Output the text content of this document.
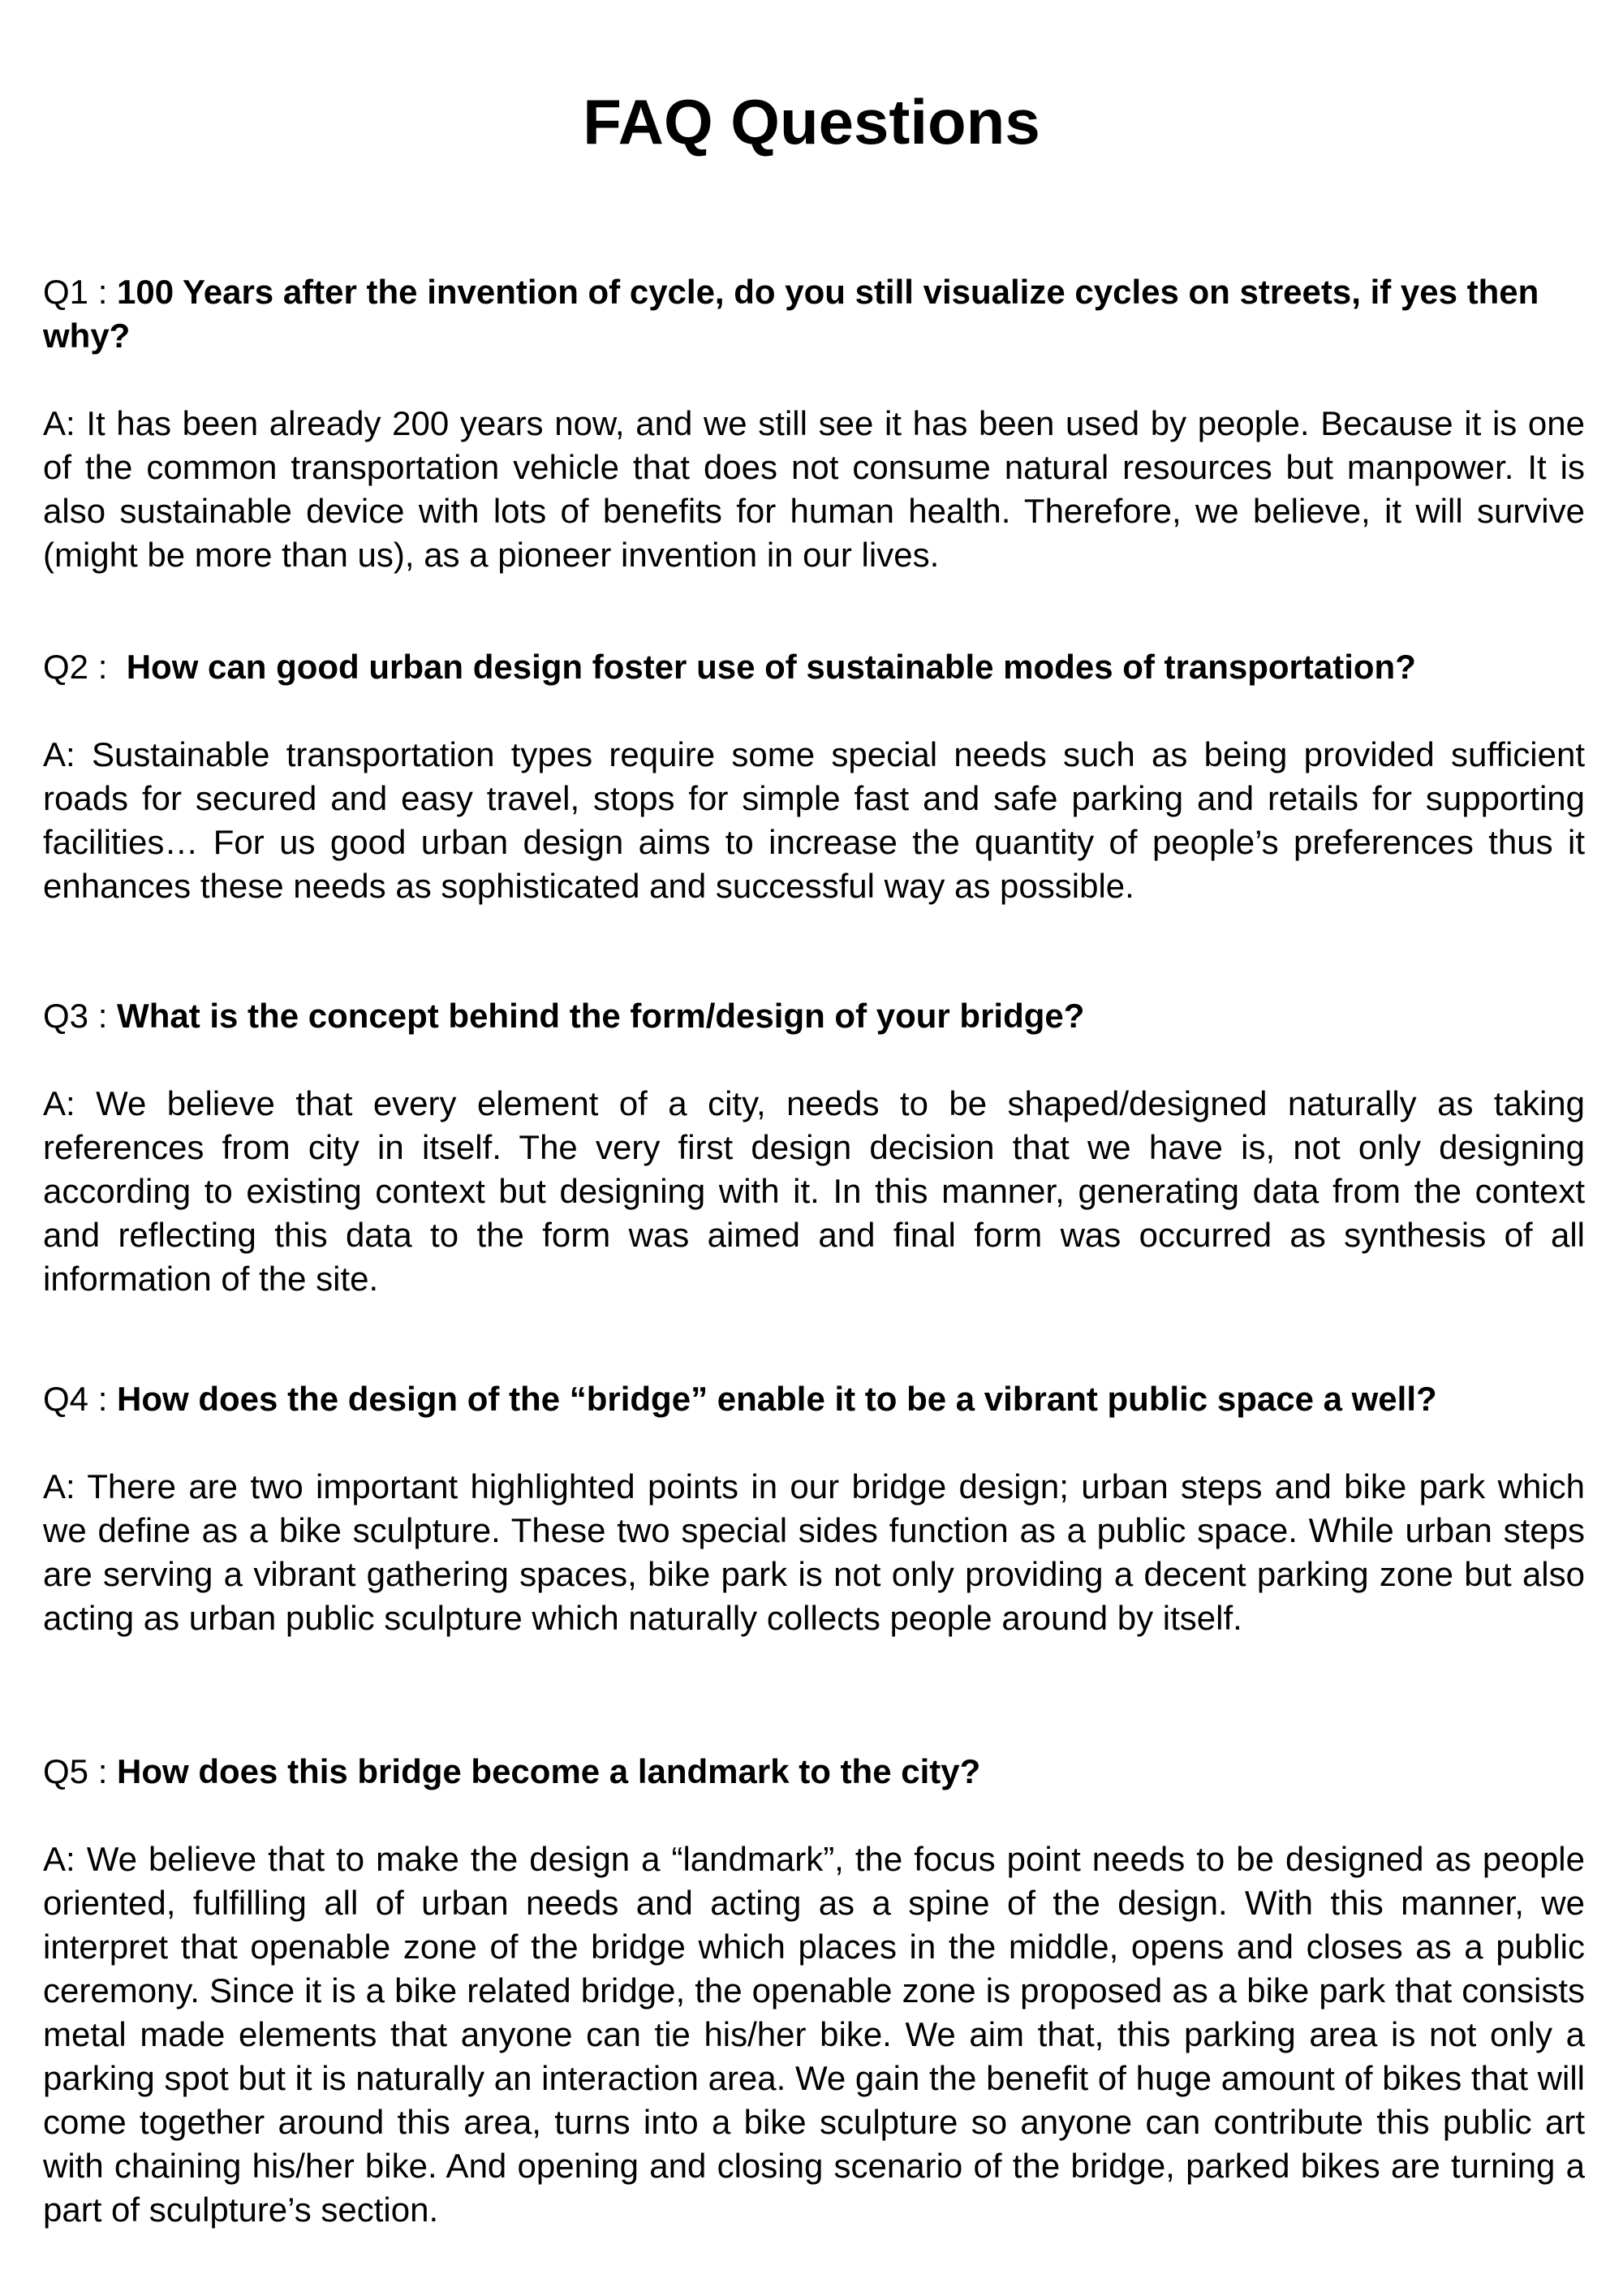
FAQ Questions

Q1 : 100 Years after the invention of cycle, do you still visualize cycles on streets, if yes then why?

A: It has been already 200 years now, and we still see it has been used by people. Because it is one of the common transportation vehicle that does not consume natural resources but manpower. It is also sustainable device with lots of benefits for human health. Therefore, we believe, it will survive (might be more than us), as a pioneer invention in our lives.

Q2 :  How can good urban design foster use of sustainable modes of transportation?

A: Sustainable transportation types require some special needs such as being provided sufficient roads for secured and easy travel, stops for simple fast and safe parking and retails for supporting facilities… For us good urban design aims to increase the quantity of people’s preferences thus it enhances these needs as sophisticated and successful way as possible.

Q3 : What is the concept behind the form/design of your bridge?

A: We believe that every element of a city, needs to be shaped/designed naturally as taking references from city in itself. The very first design decision that we have is, not only designing according to existing context but designing with it. In this manner, generating data from the context and reflecting this data to the form was aimed and final form was occurred as synthesis of all information of the site.

Q4 : How does the design of the “bridge” enable it to be a vibrant public space a well?

A: There are two important highlighted points in our bridge design; urban steps and bike park which we define as a bike sculpture. These two special sides function as a public space. While urban steps are serving a vibrant gathering spaces, bike park is not only providing a decent parking zone but also acting as urban public sculpture which naturally collects people around by itself.

Q5 : How does this bridge become a landmark to the city?

A: We believe that to make the design a “landmark”, the focus point needs to be designed as people oriented, fulfilling all of urban needs and acting as a spine of the design. With this manner, we interpret that openable zone of the bridge which places in the middle, opens and closes as a public ceremony. Since it is a bike related bridge, the openable zone is proposed as a bike park that consists metal made elements that anyone can tie his/her bike. We aim that, this parking area is not only a parking spot but it is naturally an interaction area. We gain the benefit of huge amount of bikes that will come together around this area, turns into a bike sculpture so anyone can contribute this public art with chaining his/her bike. And opening and closing scenario of the bridge, parked bikes are turning a part of sculpture’s section.
